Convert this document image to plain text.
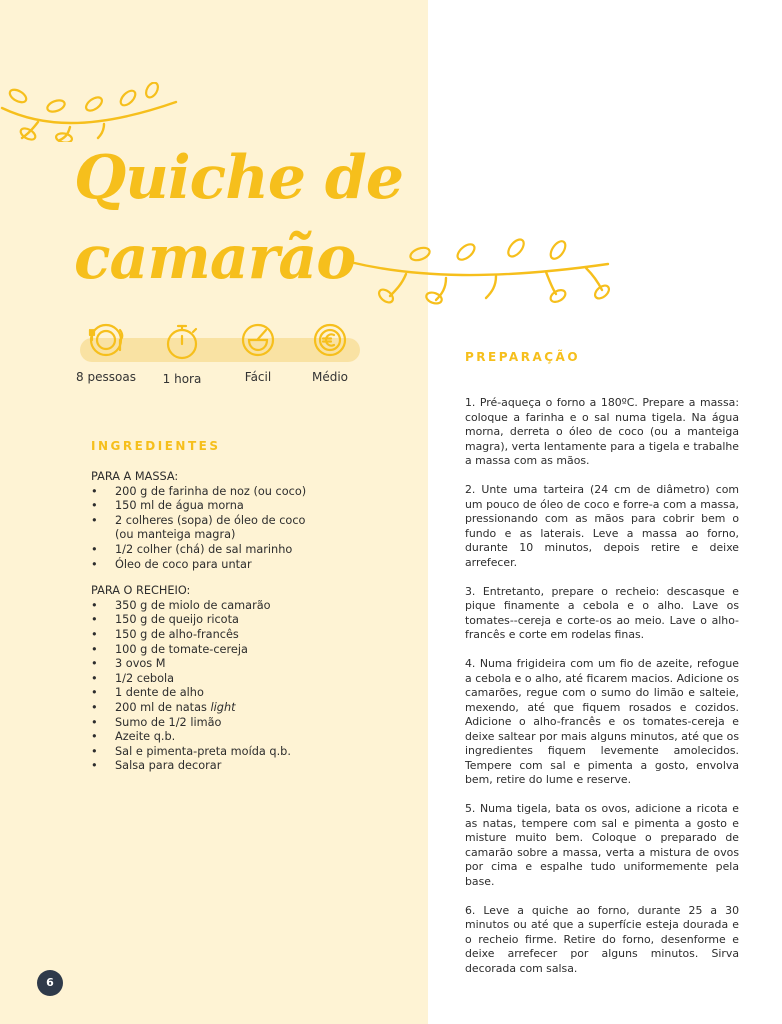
Quiche de camarão
8 pessoas	1 hora	Fácil	Médio
INGREDIENTES

PARA A MASSA:

• 200 g de farinha de noz (ou coco)
• 150 ml de água morna
• 2 colheres (sopa) de óleo de coco
(ou manteiga magra)
• 1/2 colher (chá) de sal marinho
• Óleo de coco para untar

PARA O RECHEIO:

• 350 g de miolo de camarão
• 150 g de queijo ricota
• 150 g de alho-francês
• 100 g de tomate-cereja
• 3 ovos M
• 1/2 cebola
• 1 dente de alho
• 200 ml de natas light
• Sumo de 1/2 limão
• Azeite q.b.
• Sal e pimenta-preta moída q.b.
• Salsa para decorar
PREPARAÇÃO

1. Pré-aqueça o forno a 180ºC. Prepare a massa: coloque a farinha e o sal numa tigela. Na água morna, derreta o óleo de coco (ou a manteiga magra), verta lentamente para a tigela e trabalhe a massa com as mãos.

2. Unte uma tarteira (24 cm de diâmetro) com um pouco de óleo de coco e forre-a com a massa, pressionando com as mãos para cobrir bem o fundo e as laterais. Leve a massa ao forno, durante 10 minutos, depois retire e deixe arrefecer.

3. Entretanto, prepare o recheio: descasque e pique finamente a cebola e o alho. Lave os tomates--cereja e corte-os ao meio. Lave o alho-francês e corte em rodelas finas.

4. Numa frigideira com um fio de azeite, refogue a cebola e o alho, até ficarem macios. Adicione os camarões, regue com o sumo do limão e salteie, mexendo, até que fiquem rosados e cozidos. Adicione o alho-francês e os tomates-cereja e deixe saltear por mais alguns minutos, até que os ingredientes fiquem levemente amolecidos. Tempere com sal e pimenta a gosto, envolva bem, retire do lume e reserve.

5. Numa tigela, bata os ovos, adicione a ricota e as natas, tempere com sal e pimenta a gosto e misture muito bem. Coloque o preparado de camarão sobre a massa, verta a mistura de ovos por cima e espalhe tudo uniformemente pela base.

6. Leve a quiche ao forno, durante 25 a 30 minutos ou até que a superfície esteja dourada e o recheio firme. Retire do forno, desenforme e deixe arrefecer por alguns minutos. Sirva decorada com salsa.

6
